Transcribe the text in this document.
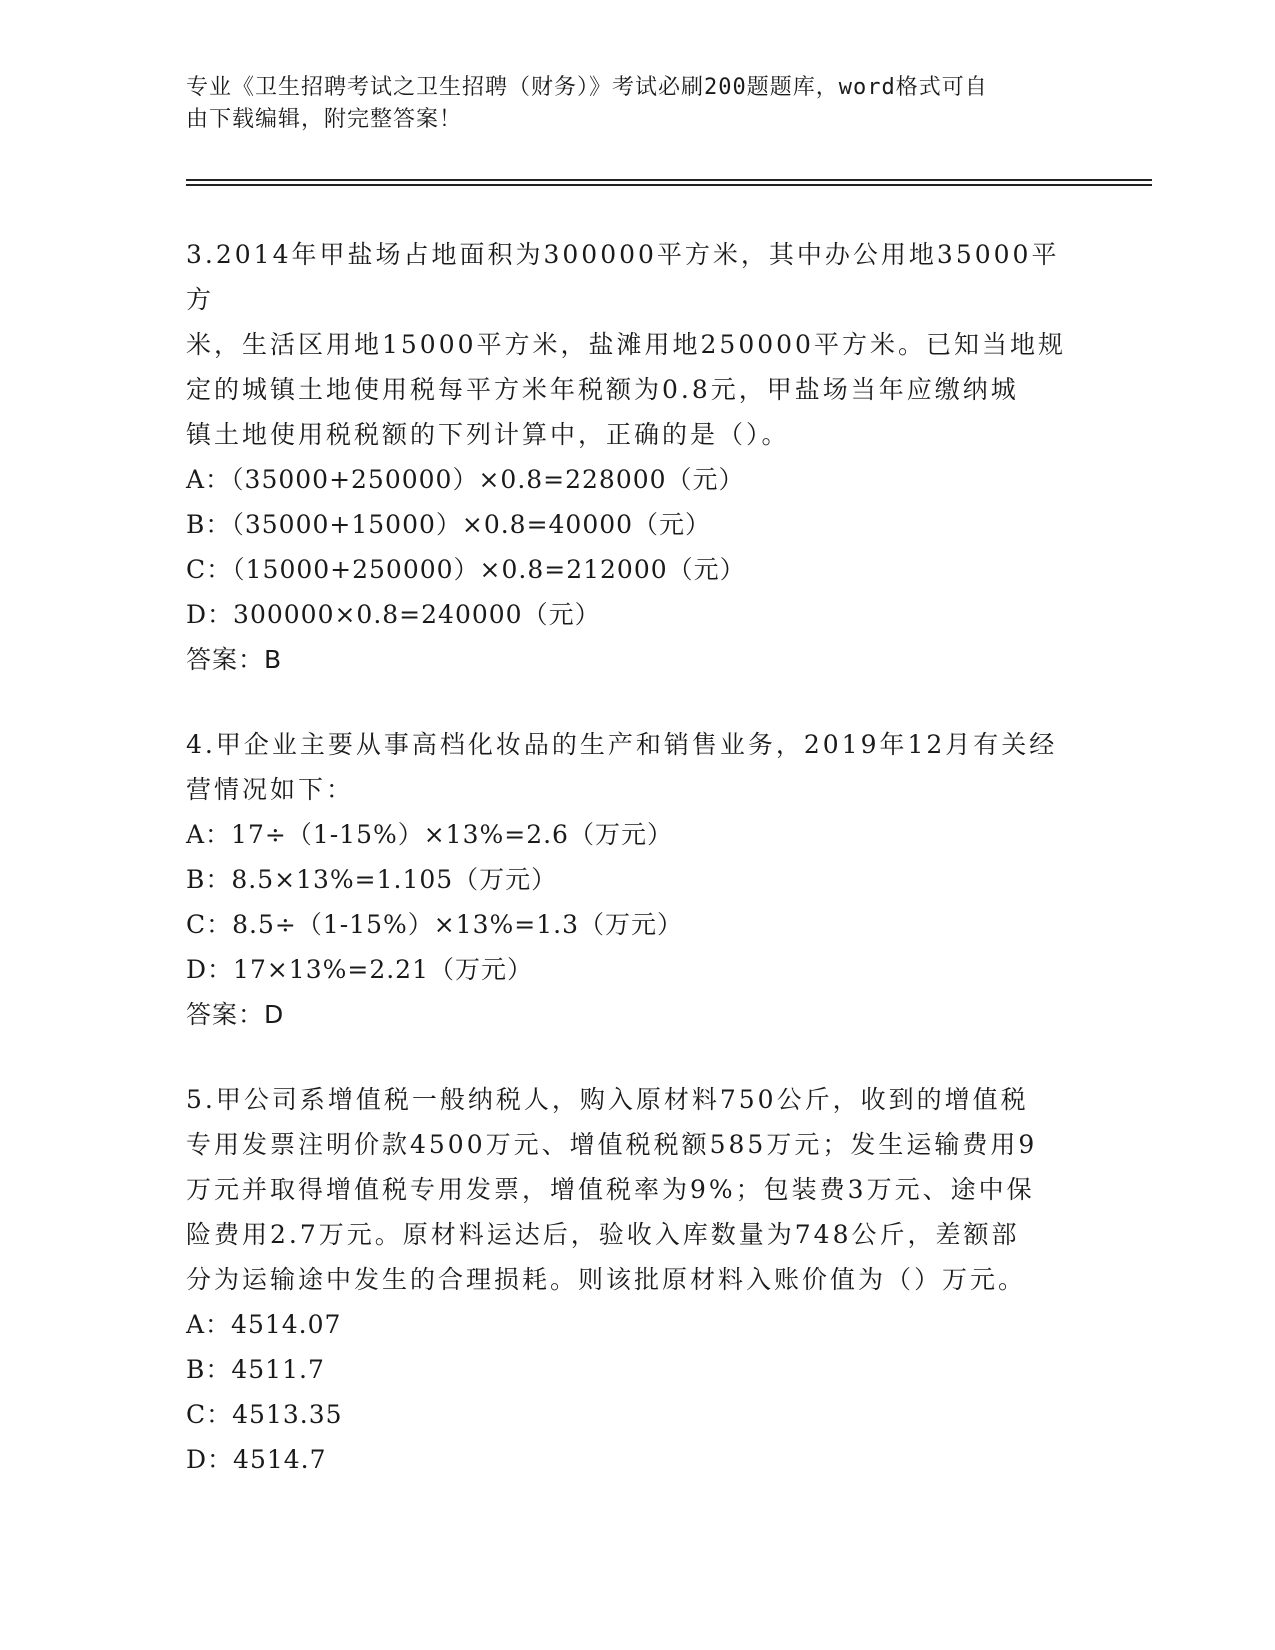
专业《卫生招聘考试之卫生招聘（财务）》考试必刷200题题库，word格式可自
由下载编辑，附完整答案！
3.2014年甲盐场占地面积为300000平方米，其中办公用地35000平方
米，生活区用地15000平方米，盐滩用地250000平方米。已知当地规
定的城镇土地使用税每平方米年税额为0.8元，甲盐场当年应缴纳城
镇土地使用税税额的下列计算中，正确的是（）。
A：（35000+250000）×0.8=228000（元）
B：（35000+15000）×0.8=40000（元）
C：（15000+250000）×0.8=212000（元）
D：300000×0.8=240000（元）
答案：B
4.甲企业主要从事高档化妆品的生产和销售业务，2019年12月有关经
营情况如下：
A：17÷（1-15%）×13%=2.6（万元）
B：8.5×13%=1.105（万元）
C：8.5÷（1-15%）×13%=1.3（万元）
D：17×13%=2.21（万元）
答案：D
5.甲公司系增值税一般纳税人，购入原材料750公斤，收到的增值税
专用发票注明价款4500万元、增值税税额585万元；发生运输费用9
万元并取得增值税专用发票，增值税率为9%；包装费3万元、途中保
险费用2.7万元。原材料运达后，验收入库数量为748公斤，差额部
分为运输途中发生的合理损耗。则该批原材料入账价值为（）万元。
A：4514.07
B：4511.7
C：4513.35
D：4514.7
